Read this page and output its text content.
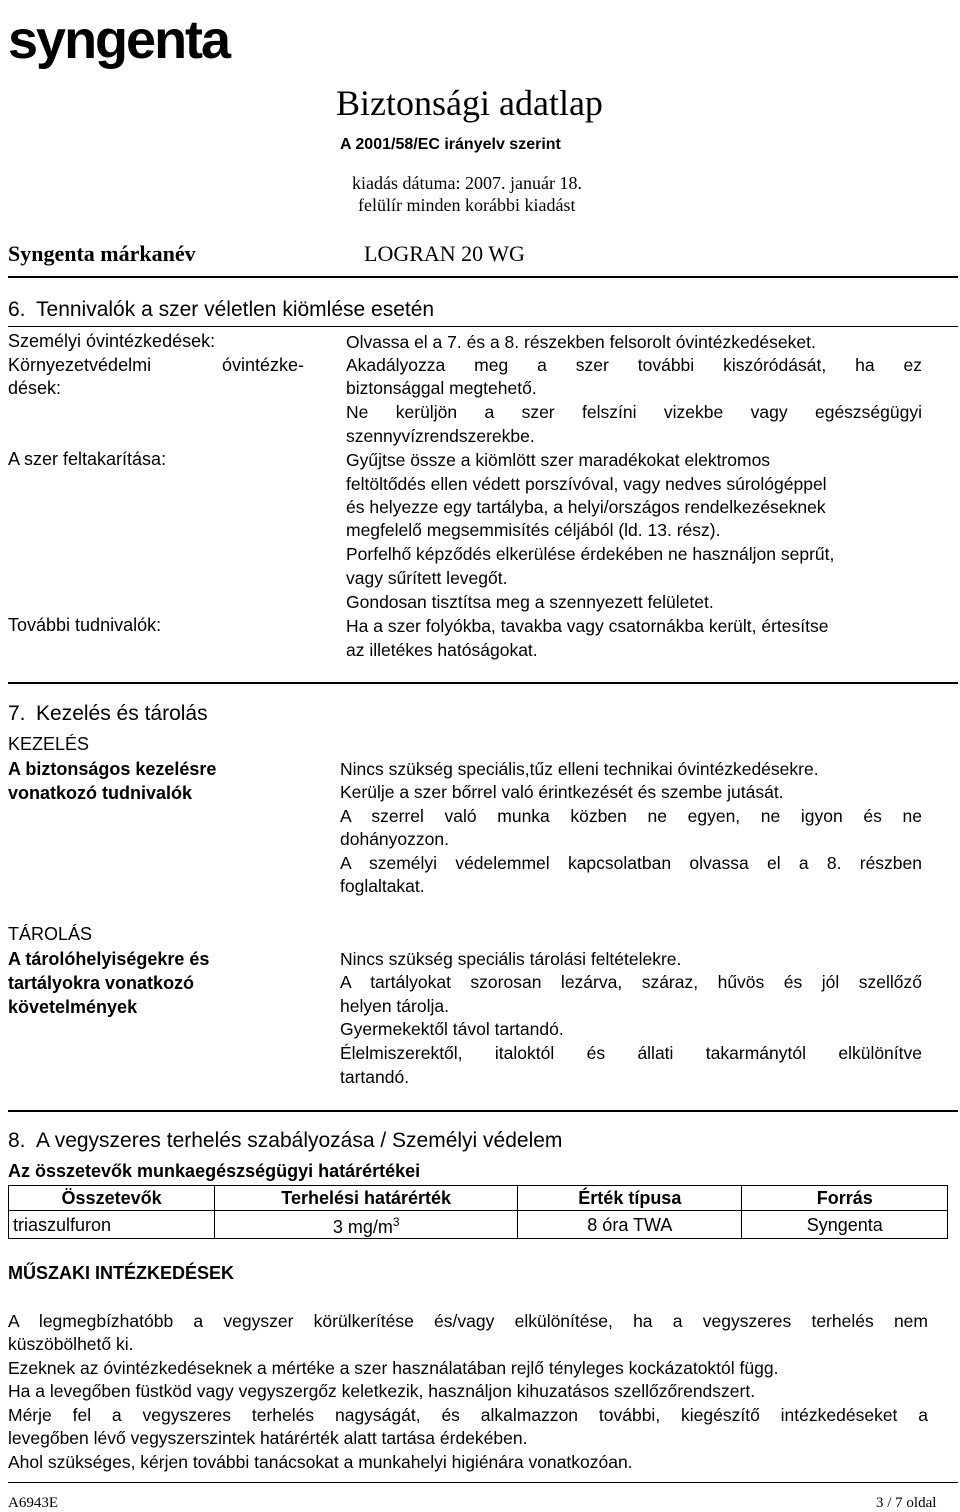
syngenta
Biztonsági adatlap
A 2001/58/EC irányelv szerint
kiadás dátuma: 2007. január 18.
felülír minden korábbi kiadást
Syngenta márkanév	LOGRAN 20 WG
6. Tennivalók a szer véletlen kiömlése esetén
Személyi óvintézkedések:	Olvassa el a 7. és a 8. részekben felsorolt óvintézkedéseket.
Környezetvédelmi óvintézke-
dések:
Akadályozza meg a szer további kiszóródását, ha ez
biztonsággal megtehető.
Ne kerüljön a szer felszíni vizekbe vagy egészségügyi
szennyvízrendszerekbe.
A szer feltakarítása:	Gyűjtse össze a kiömlött szer maradékokat elektromos
feltöltődés ellen védett porszívóval, vagy nedves súrológéppel
és helyezze egy tartályba, a helyi/országos rendelkezéseknek
megfelelő megsemmisítés céljából (ld. 13. rész).
Porfelhő képződés elkerülése érdekében ne használjon seprűt,
vagy sűrített levegőt.
Gondosan tisztítsa meg a szennyezett felületet.
További tudnivalók:	Ha a szer folyókba, tavakba vagy csatornákba került, értesítse
az illetékes hatóságokat.
7. Kezelés és tárolás
KEZELÉS
A biztonságos kezelésre
vonatkozó tudnivalók
Nincs szükség speciális,tűz elleni technikai óvintézkedésekre.
Kerülje a szer bőrrel való érintkezését és szembe jutását.
A szerrel való munka közben ne egyen, ne igyon és ne
dohányozzon.
A személyi védelemmel kapcsolatban olvassa el a 8. részben
foglaltakat.
TÁROLÁS
A tárolóhelyiségekre és
tartályokra vonatkozó
követelmények
Nincs szükség speciális tárolási feltételekre.
A tartályokat szorosan lezárva, száraz, hűvös és jól szellőző
helyen tárolja.
Gyermekektől távol tartandó.
Élelmiszerektől, italoktól és állati takarmánytól elkülönítve
tartandó.
8. A vegyszeres terhelés szabályozása / Személyi védelem
Az összetevők munkaegészségügyi határértékei
Összetevők	Terhelési határérték	Érték típusa	Forrás
triaszulfuron	3 $mg/m^3$	8 óra TWA	Syngenta
MŰSZAKI INTÉZKEDÉSEK
A legmegbízhatóbb a vegyszer körülkerítése és/vagy elkülönítése, ha a vegyszeres terhelés nem
küszöbölhető ki.
Ezeknek az óvintézkedéseknek a mértéke a szer használatában rejlő tényleges kockázatoktól függ.
Ha a levegőben füstköd vagy vegyszergőz keletkezik, használjon kihuzatásos szellőzőrendszert.
Mérje fel a vegyszeres terhelés nagyságát, és alkalmazzon további, kiegészítő intézkedéseket a
levegőben lévő vegyszerszintek határérték alatt tartása érdekében.
Ahol szükséges, kérjen további tanácsokat a munkahelyi higiénára vonatkozóan.
A6943E	3 / 7 oldal
